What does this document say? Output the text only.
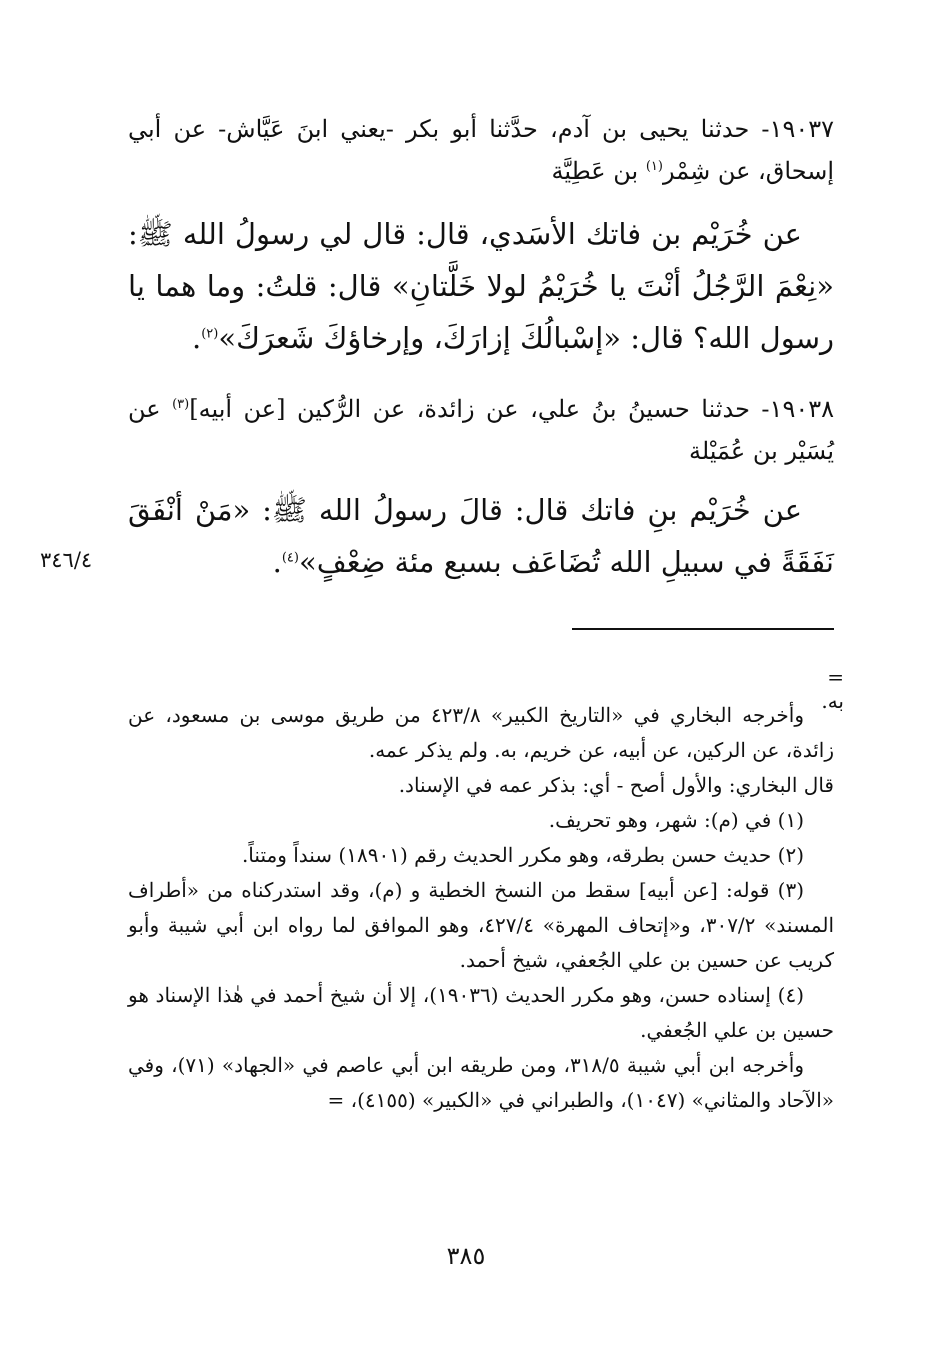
١٩٠٣٧- حدثنا يحيى بن آدم، حدَّثنا أبو بكر -يعني ابنَ عَيَّاش- عن أبي إسحاق، عن شِمْر$^{(١)}$ بن عَطِيَّة

عن خُرَيْم بن فاتك الأسَدي، قال: قال لي رسولُ الله ﷺ: «نِعْمَ الرَّجُلُ أنْتَ يا خُرَيْمُ لولا خَلَّتانِ» قال: قلتُ: وما هما يا رسول الله؟ قال: «إسْبالُكَ إزارَكَ، وإرخاؤكَ شَعرَكَ»$^{(٢)}$.

١٩٠٣٨- حدثنا حسينُ بنُ علي، عن زائدة، عن الرُّكين [عن أبيه]$^{(٣)}$ عن يُسَيْر بن عُمَيْلة

عن خُرَيْم بنِ فاتك قال: قالَ رسولُ الله ﷺ: «مَنْ أنْفَقَ نَفَقَةً في سبيلِ الله تُضَاعَف بسبع مئة ضِعْفٍ»$^{(٤)}$.

٣٤٦/٤
= به.

وأخرجه البخاري في «التاريخ الكبير» ٤٢٣/٨ من طريق موسى بن مسعود، عن زائدة، عن الركين، عن أبيه، عن خريم، به. ولم يذكر عمه.

قال البخاري: والأول أصح - أي: بذكر عمه في الإسناد.

(١) في (م): شهر، وهو تحريف.

(٢) حديث حسن بطرقه، وهو مكرر الحديث رقم (١٨٩٠١) سنداً ومتناً.

(٣) قوله: [عن أبيه] سقط من النسخ الخطية و (م)، وقد استدركناه من «أطراف المسند» ٣٠٧/٢، و«إتحاف المهرة» ٤٢٧/٤، وهو الموافق لما رواه ابن أبي شيبة وأبو كريب عن حسين بن علي الجُعفي، شيخ أحمد.

(٤) إسناده حسن، وهو مكرر الحديث (١٩٠٣٦)، إلا أن شيخ أحمد في هٰذا الإسناد هو حسين بن علي الجُعفي.

وأخرجه ابن أبي شيبة ٣١٨/٥، ومن طريقه ابن أبي عاصم في «الجهاد» (٧١)، وفي «الآحاد والمثاني» (١٠٤٧)، والطبراني في «الكبير» (٤١٥٥)، =

٣٨٥
